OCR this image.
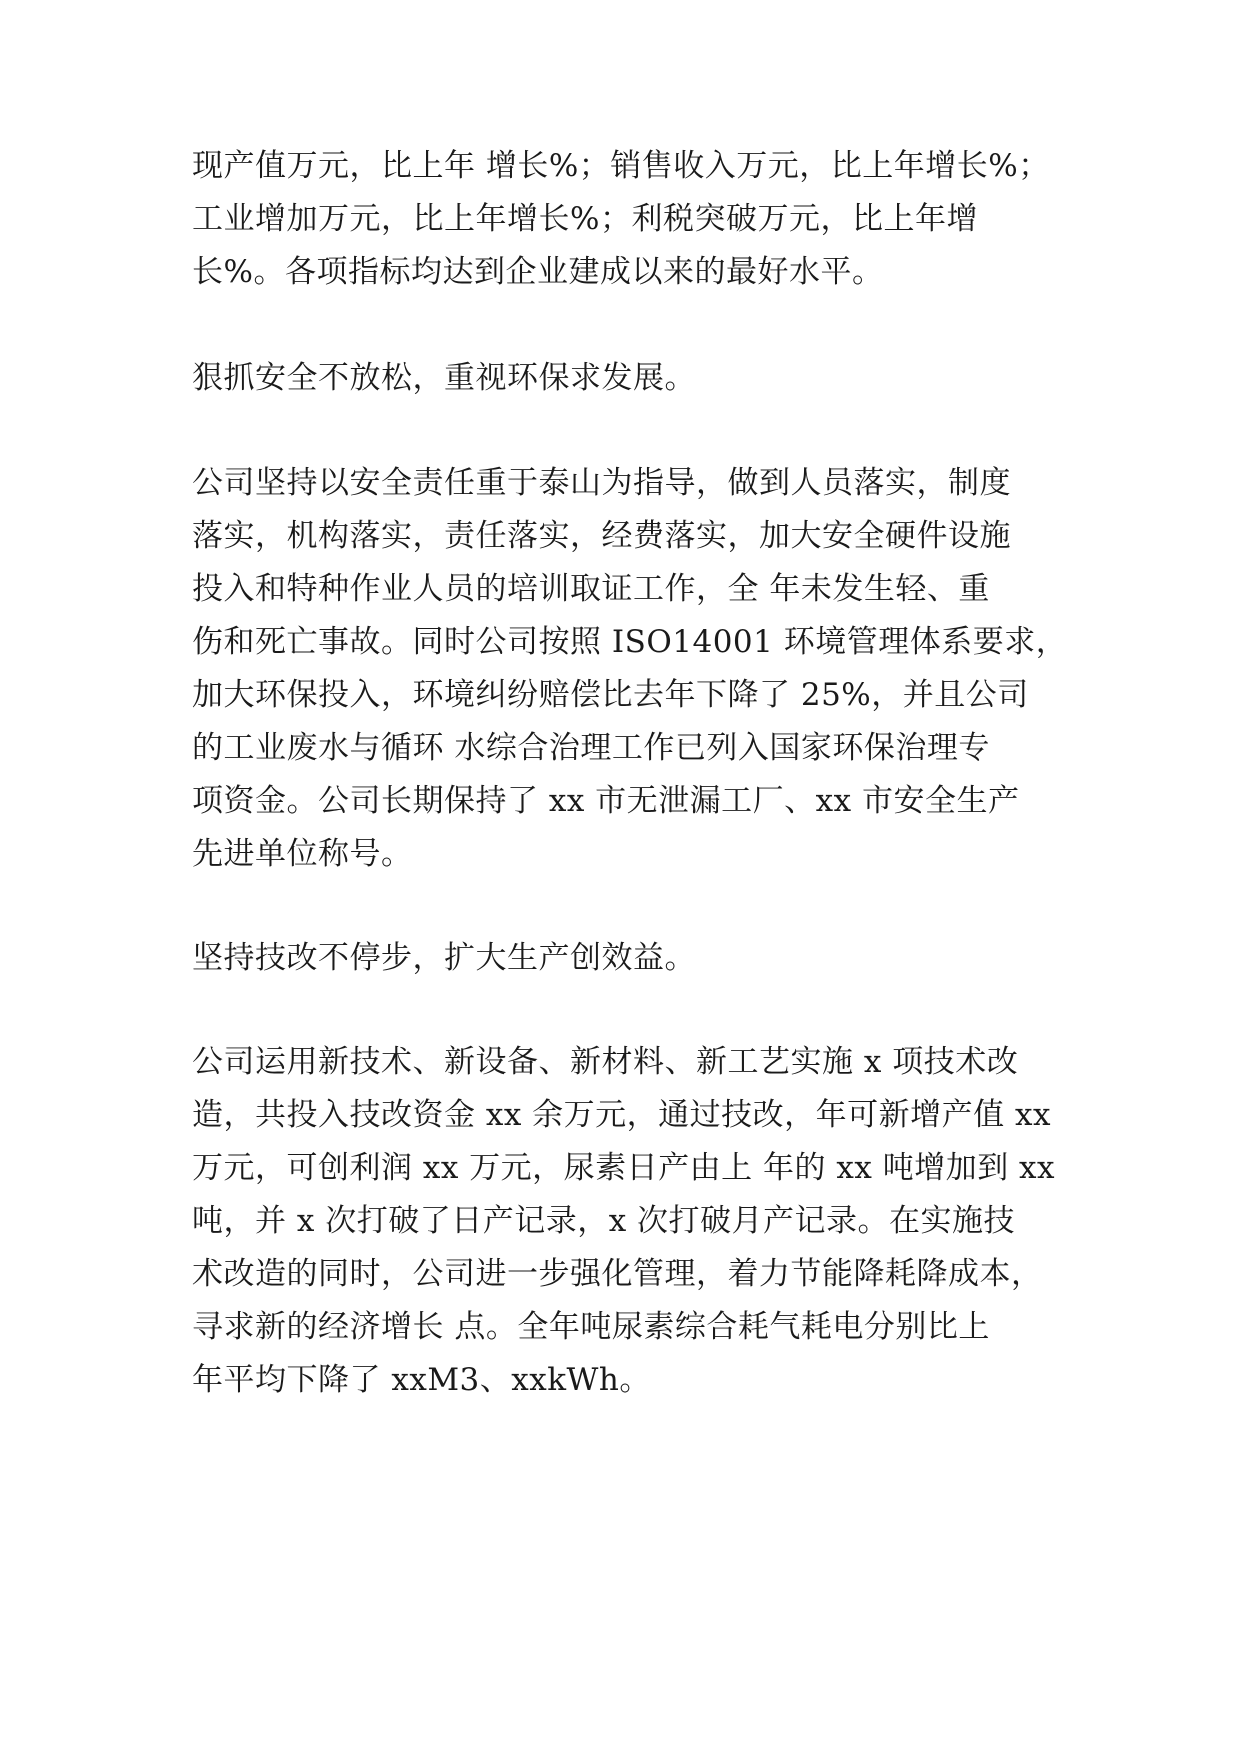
现产值万元，比上年 增长%；销售收入万元，比上年增长%；
工业增加万元，比上年增长%；利税突破万元，比上年增
长%。各项指标均达到企业建成以来的最好水平。
狠抓安全不放松，重视环保求发展。
公司坚持以安全责任重于泰山为指导，做到人员落实，制度
落实，机构落实，责任落实，经费落实，加大安全硬件设施
投入和特种作业人员的培训取证工作，全 年未发生轻、重
伤和死亡事故。同时公司按照 ISO14001 环境管理体系要求，
加大环保投入，环境纠纷赔偿比去年下降了 25%，并且公司
的工业废水与循环 水综合治理工作已列入国家环保治理专
项资金。公司长期保持了 xx 市无泄漏工厂、xx 市安全生产
先进单位称号。
坚持技改不停步，扩大生产创效益。
公司运用新技术、新设备、新材料、新工艺实施 x 项技术改
造，共投入技改资金 xx 余万元，通过技改，年可新增产值 xx
万元，可创利润 xx 万元，尿素日产由上 年的 xx 吨增加到 xx
吨，并 x 次打破了日产记录，x 次打破月产记录。在实施技
术改造的同时，公司进一步强化管理，着力节能降耗降成本，
寻求新的经济增长 点。全年吨尿素综合耗气耗电分别比上
年平均下降了 xxM3、xxkWh。
